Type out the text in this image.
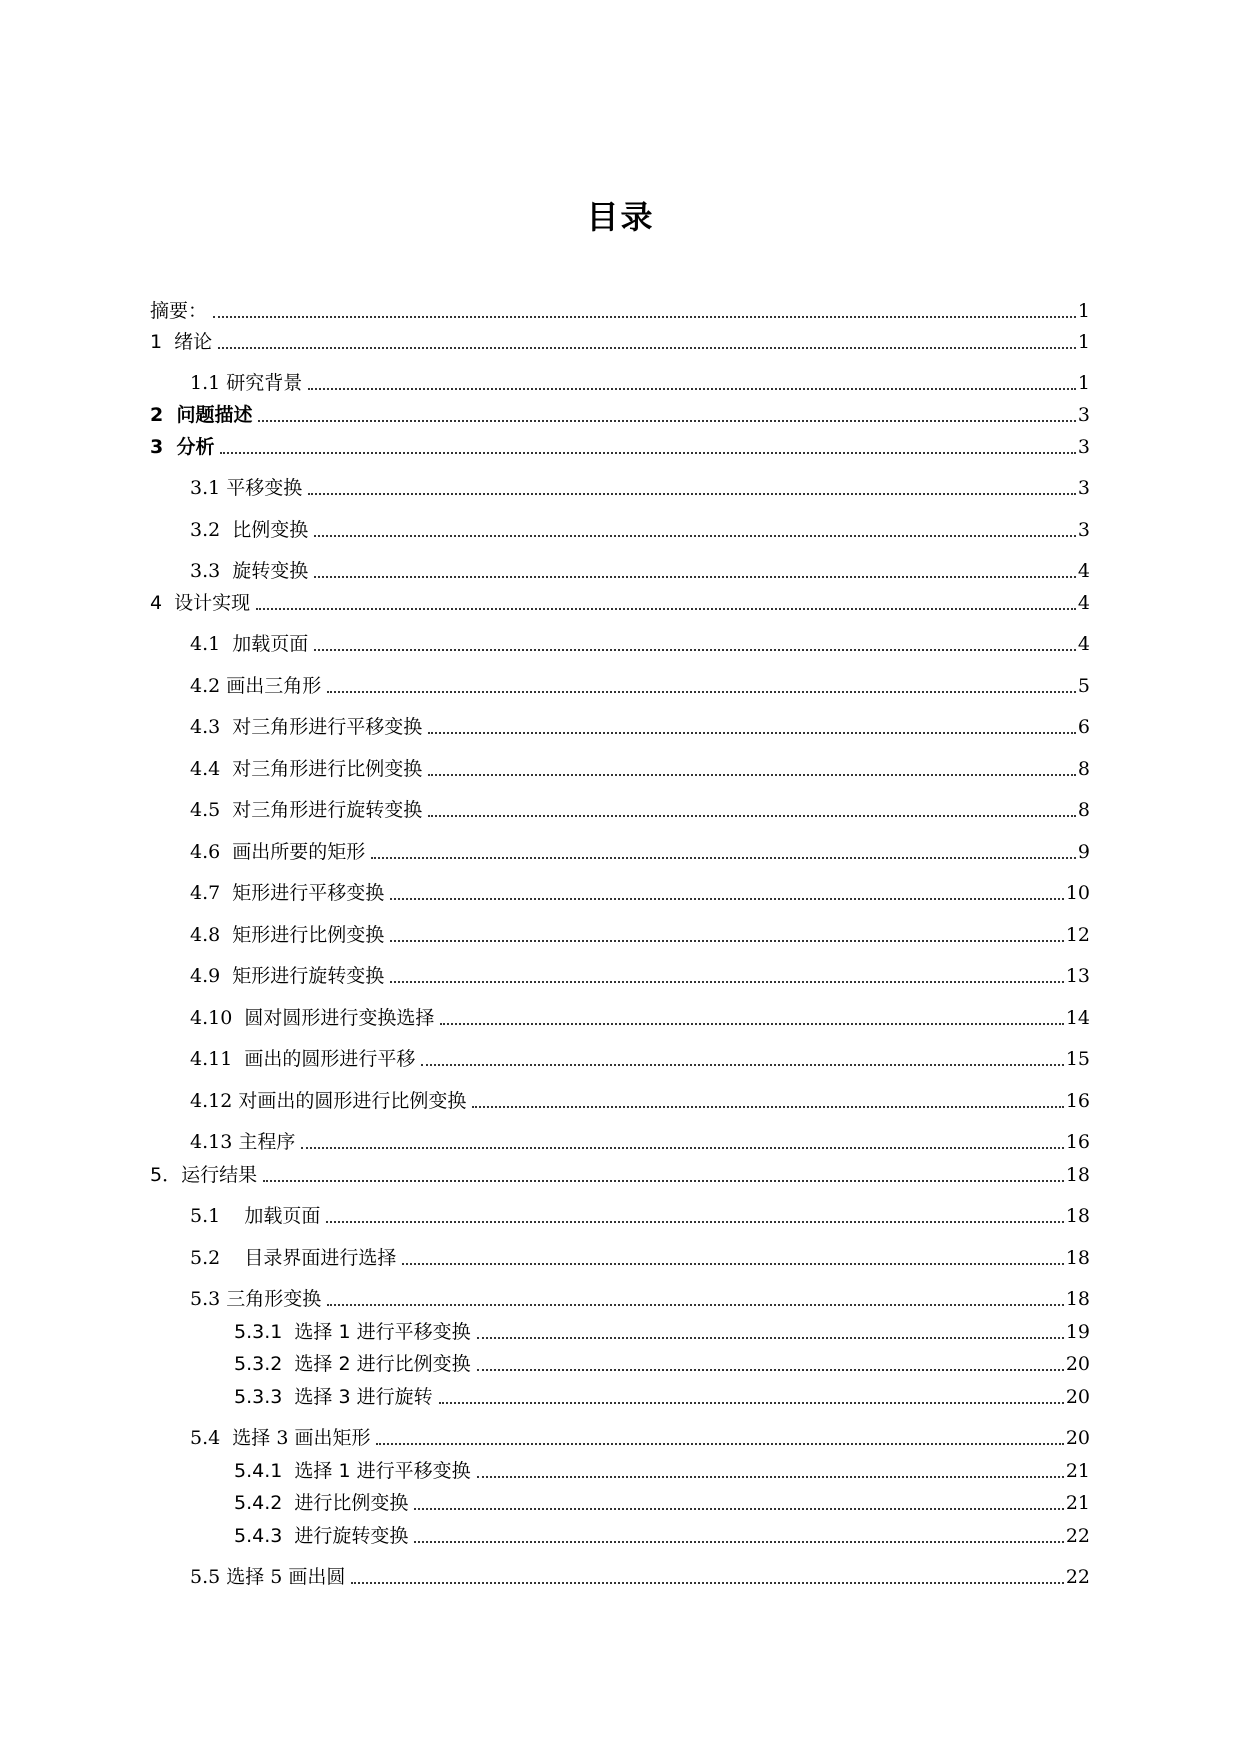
目录
摘要：	1
1  绪论	1
1.1 研究背景	1
2  问题描述	3
3  分析	3
3.1 平移变换	3
3.2  比例变换	3
3.3  旋转变换	4
4  设计实现	4
4.1  加载页面	4
4.2 画出三角形	5
4.3  对三角形进行平移变换	6
4.4  对三角形进行比例变换	8
4.5  对三角形进行旋转变换	8
4.6  画出所要的矩形	9
4.7  矩形进行平移变换	10
4.8  矩形进行比例变换	12
4.9  矩形进行旋转变换	13
4.10  圆对圆形进行变换选择	14
4.11  画出的圆形进行平移	15
4.12 对画出的圆形进行比例变换	16
4.13 主程序	16
5．运行结果	18
5.1    加载页面	18
5.2    目录界面进行选择	18
5.3 三角形变换	18
5.3.1  选择 1 进行平移变换	19
5.3.2  选择 2 进行比例变换	20
5.3.3  选择 3 进行旋转	20
5.4  选择 3 画出矩形	20
5.4.1  选择 1 进行平移变换	21
5.4.2  进行比例变换	21
5.4.3  进行旋转变换	22
5.5 选择 5 画出圆	22
